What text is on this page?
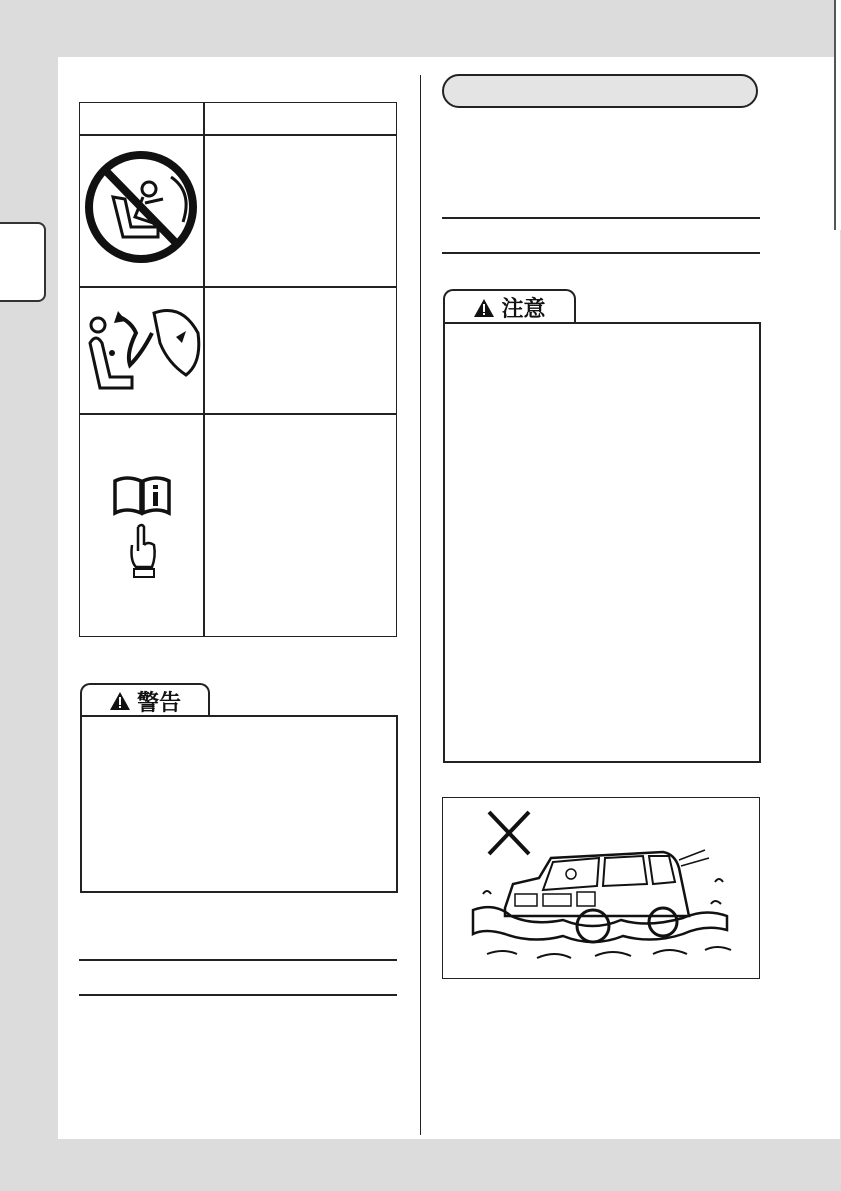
警告
注意
